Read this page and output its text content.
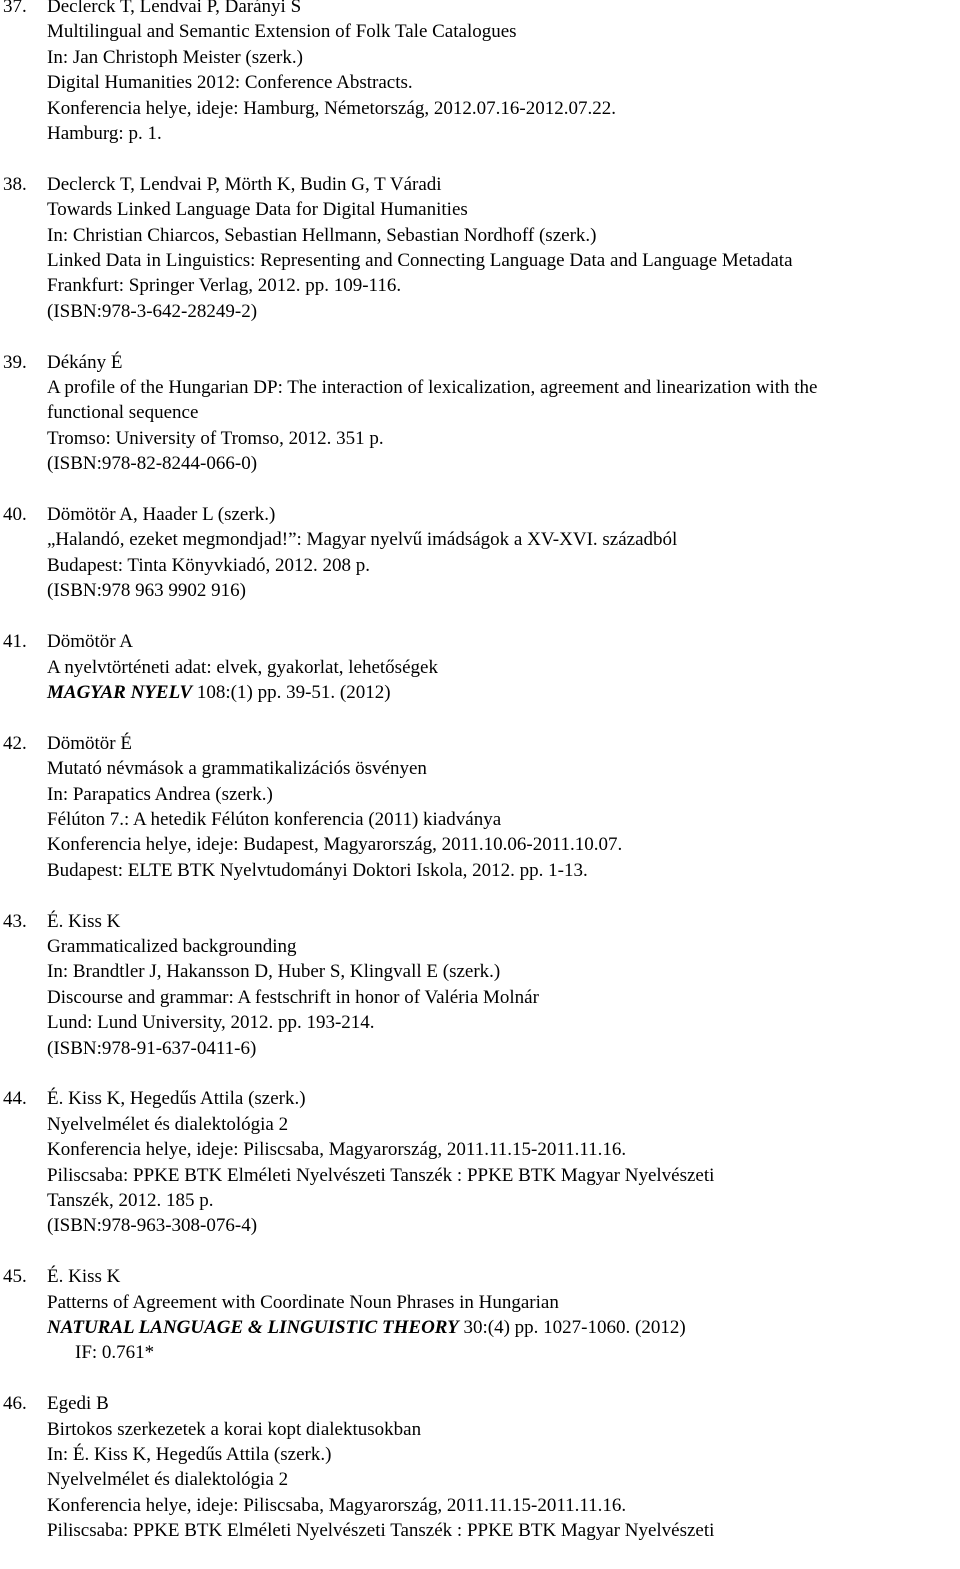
37. Declerck T, Lendvai P, Darányi S
Multilingual and Semantic Extension of Folk Tale Catalogues
In: Jan Christoph Meister (szerk.)
Digital Humanities 2012: Conference Abstracts.
Konferencia helye, ideje: Hamburg, Németország, 2012.07.16-2012.07.22.
Hamburg: p. 1.
38. Declerck T, Lendvai P, Mörth K, Budin G, T Váradi
Towards Linked Language Data for Digital Humanities
In: Christian Chiarcos, Sebastian Hellmann, Sebastian Nordhoff (szerk.)
Linked Data in Linguistics: Representing and Connecting Language Data and Language Metadata
Frankfurt: Springer Verlag, 2012. pp. 109-116.
(ISBN:978-3-642-28249-2)
39. Dékány É
A profile of the Hungarian DP: The interaction of lexicalization, agreement and linearization with the
functional sequence
Tromso: University of Tromso, 2012. 351 p.
(ISBN:978-82-8244-066-0)
40. Dömötör A, Haader L (szerk.)
„Halandó, ezeket megmondjad!”: Magyar nyelvű imádságok a XV-XVI. századból
Budapest: Tinta Könyvkiadó, 2012. 208 p.
(ISBN:978 963 9902 916)
41. Dömötör A
A nyelvtörténeti adat: elvek, gyakorlat, lehetőségek
MAGYAR NYELV 108:(1) pp. 39-51. (2012)
42. Dömötör É
Mutató névmások a grammatikalizációs ösvényen
In: Parapatics Andrea (szerk.)
Félúton 7.: A hetedik Félúton konferencia (2011) kiadványa
Konferencia helye, ideje: Budapest, Magyarország, 2011.10.06-2011.10.07.
Budapest: ELTE BTK Nyelvtudományi Doktori Iskola, 2012. pp. 1-13.
43. É. Kiss K
Grammaticalized backgrounding
In: Brandtler J, Hakansson D, Huber S, Klingvall E (szerk.)
Discourse and grammar: A festschrift in honor of Valéria Molnár
Lund: Lund University, 2012. pp. 193-214.
(ISBN:978-91-637-0411-6)
44. É. Kiss K, Hegedűs Attila (szerk.)
Nyelvelmélet és dialektológia 2
Konferencia helye, ideje: Piliscsaba, Magyarország, 2011.11.15-2011.11.16.
Piliscsaba: PPKE BTK Elméleti Nyelvészeti Tanszék : PPKE BTK Magyar Nyelvészeti
Tanszék, 2012. 185 p.
(ISBN:978-963-308-076-4)
45. É. Kiss K
Patterns of Agreement with Coordinate Noun Phrases in Hungarian
NATURAL LANGUAGE & LINGUISTIC THEORY 30:(4) pp. 1027-1060. (2012)
IF: 0.761*
46. Egedi B
Birtokos szerkezetek a korai kopt dialektusokban
In: É. Kiss K, Hegedűs Attila (szerk.)
Nyelvelmélet és dialektológia 2
Konferencia helye, ideje: Piliscsaba, Magyarország, 2011.11.15-2011.11.16.
Piliscsaba: PPKE BTK Elméleti Nyelvészeti Tanszék : PPKE BTK Magyar Nyelvészeti
